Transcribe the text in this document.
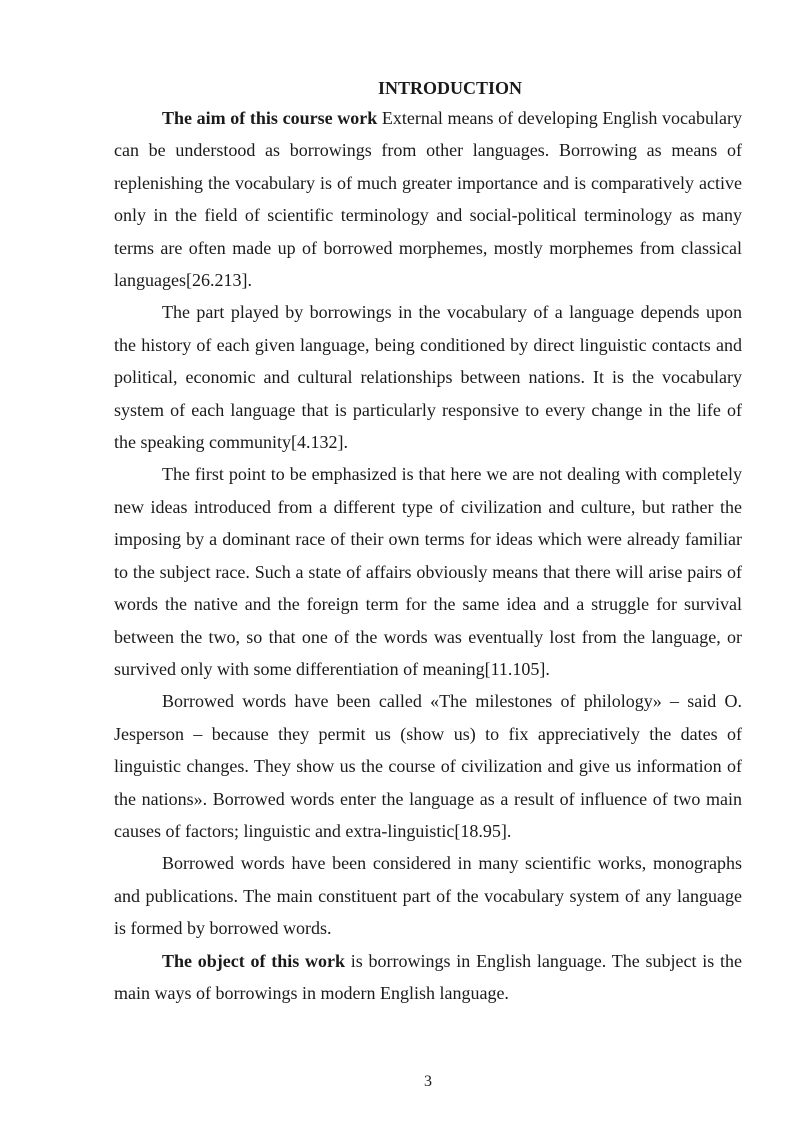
INTRODUCTION

The aim of this course work External means of developing English vocabulary can be understood as borrowings from other languages. Borrowing as means of replenishing the vocabulary is of much greater importance and is comparatively active only in the field of scientific terminology and social-political terminology as many terms are often made up of borrowed morphemes, mostly morphemes from classical languages[26.213].

The part played by borrowings in the vocabulary of a language depends upon the history of each given language, being conditioned by direct linguistic contacts and political, economic and cultural relationships between nations. It is the vocabulary system of each language that is particularly responsive to every change in the life of the speaking community[4.132].

The first point to be emphasized is that here we are not dealing with completely new ideas introduced from a different type of civilization and culture, but rather the imposing by a dominant race of their own terms for ideas which were already familiar to the subject race. Such a state of affairs obviously means that there will arise pairs of words the native and the foreign term for the same idea and a struggle for survival between the two, so that one of the words was eventually lost from the language, or survived only with some differentiation of meaning[11.105].

Borrowed words have been called «The milestones of philology» – said O. Jesperson – because they permit us (show us) to fix appreciatively the dates of linguistic changes. They show us the course of civilization and give us information of the nations». Borrowed words enter the language as a result of influence of two main causes of factors; linguistic and extra-linguistic[18.95].

Borrowed words have been considered in many scientific works, monographs and publications. The main constituent part of the vocabulary system of any language is formed by borrowed words.

The object of this work is borrowings in English language. The subject is the main ways of borrowings in modern English language.

3
